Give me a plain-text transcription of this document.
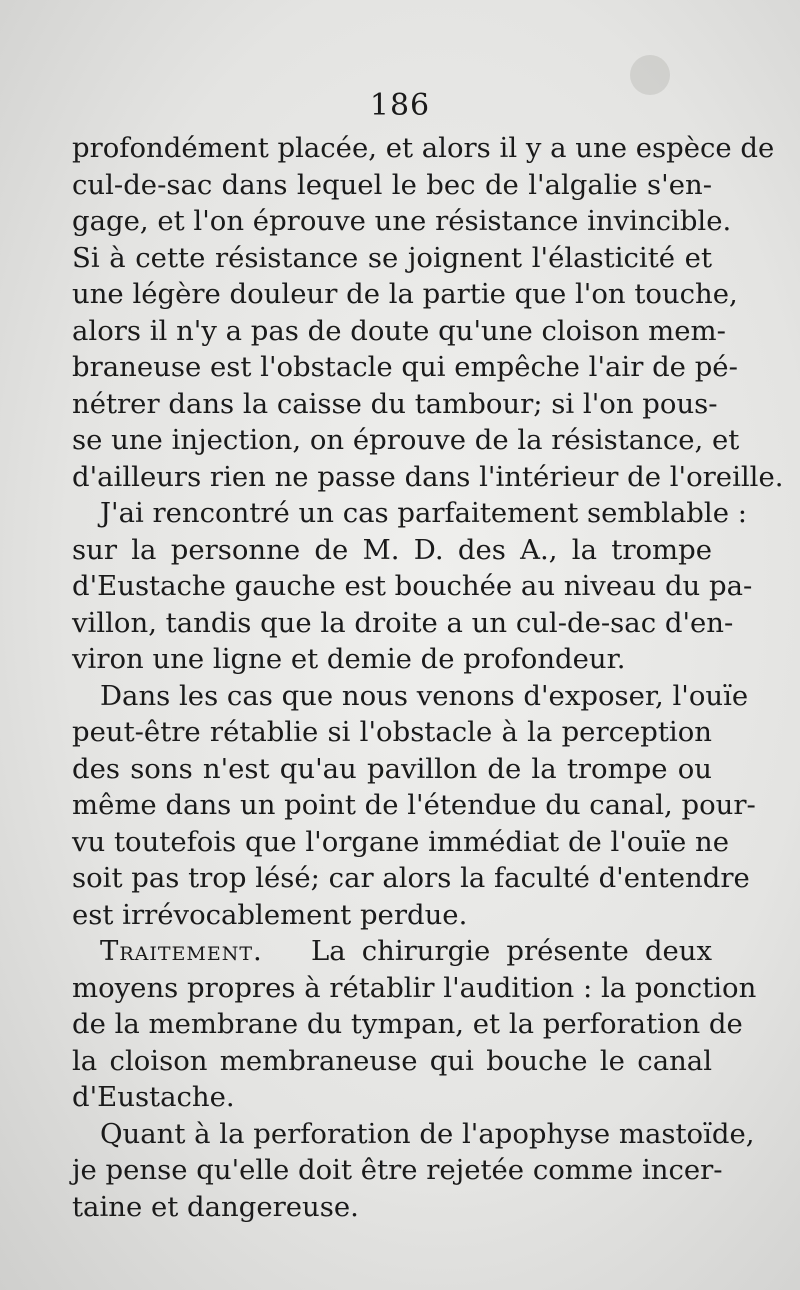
186
profondément placée, et alors il y a une espèce de
cul-de-sac dans lequel le bec de l'algalie s'en-
gage, et l'on éprouve une résistance invincible.
Si à cette résistance se joignent l'élasticité et
une légère douleur de la partie que l'on touche,
alors il n'y a pas de doute qu'une cloison mem-
braneuse est l'obstacle qui empêche l'air de pé-
nétrer dans la caisse du tambour; si l'on pous-
se une injection, on éprouve de la résistance, et
d'ailleurs rien ne passe dans l'intérieur de l'oreille.
J'ai rencontré un cas parfaitement semblable :
sur la personne de M. D. des A., la trompe
d'Eustache gauche est bouchée au niveau du pa-
villon, tandis que la droite a un cul-de-sac d'en-
viron une ligne et demie de profondeur.
Dans les cas que nous venons d'exposer, l'ouïe
peut-être rétablie si l'obstacle à la perception
des sons n'est qu'au pavillon de la trompe ou
même dans un point de l'étendue du canal, pour-
vu toutefois que l'organe immédiat de l'ouïe ne
soit pas trop lésé; car alors la faculté d'entendre
est irrévocablement perdue.
Traitement. La chirurgie présente deux
moyens propres à rétablir l'audition : la ponction
de la membrane du tympan, et la perforation de
la cloison membraneuse qui bouche le canal
d'Eustache.
Quant à la perforation de l'apophyse mastoïde,
je pense qu'elle doit être rejetée comme incer-
taine et dangereuse.
